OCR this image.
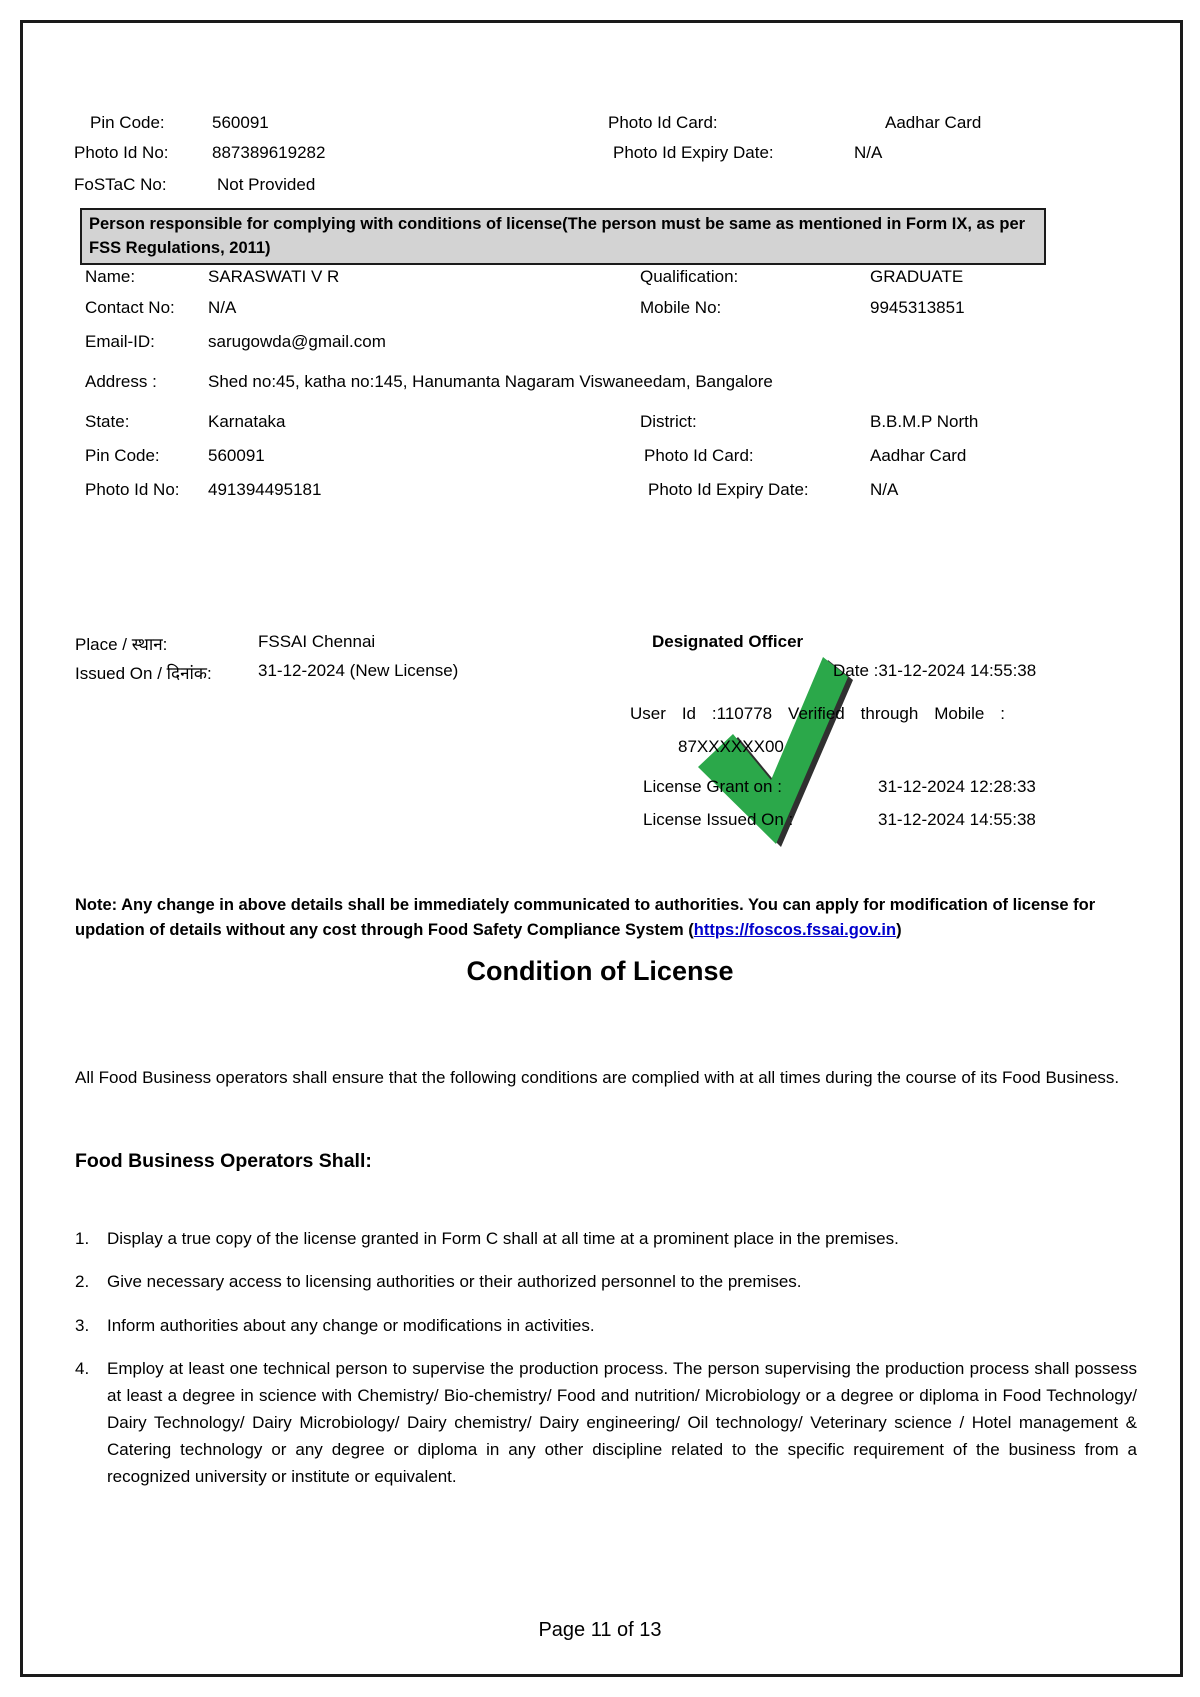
Pin Code:	560091	Photo Id Card:	Aadhar Card
Photo Id No:	887389619282	Photo Id Expiry Date:	N/A
FoSTaC No:	Not Provided
Person responsible for complying with conditions of license(The person must be same as mentioned in Form IX, as per FSS Regulations, 2011)
Name:	SARASWATI V R	Qualification:	GRADUATE
Contact No:	N/A	Mobile No:	9945313851
Email-ID:	sarugowda@gmail.com
Address :	Shed no:45, katha no:145, Hanumanta Nagaram Viswaneedam, Bangalore
State:	Karnataka	District:	B.B.M.P North
Pin Code:	560091	Photo Id Card:	Aadhar Card
Photo Id No:	491394495181	Photo Id Expiry Date:	N/A
Place / स्थान:	FSSAI Chennai	Designated Officer
Issued On / दिनांक:	31-12-2024 (New License)	Date :31-12-2024 14:55:38
User Id :110778 Verified through Mobile :
87XXXXXX00
License Grant on :	31-12-2024 12:28:33
License Issued On :	31-12-2024 14:55:38
Note: Any change in above details shall be immediately communicated to authorities. You can apply for modification of license for updation of details without any cost through Food Safety Compliance System (https://foscos.fssai.gov.in)
Condition of License
All Food Business operators shall ensure that the following conditions are complied with at all times during the course of its Food Business.
Food Business Operators Shall:
1.	Display a true copy of the license granted in Form C shall at all time at a prominent place in the premises.
2.	Give necessary access to licensing authorities or their authorized personnel to the premises.
3.	Inform authorities about any change or modifications in activities.
4.	Employ at least one technical person to supervise the production process. The person supervising the production process shall possess at least a degree in science with Chemistry/ Bio-chemistry/ Food and nutrition/ Microbiology or a degree or diploma in Food Technology/ Dairy Technology/ Dairy Microbiology/ Dairy chemistry/ Dairy engineering/ Oil technology/ Veterinary science / Hotel management & Catering technology or any degree or diploma in any other discipline related to the specific requirement of the business from a recognized university or institute or equivalent.
Page 11 of 13
